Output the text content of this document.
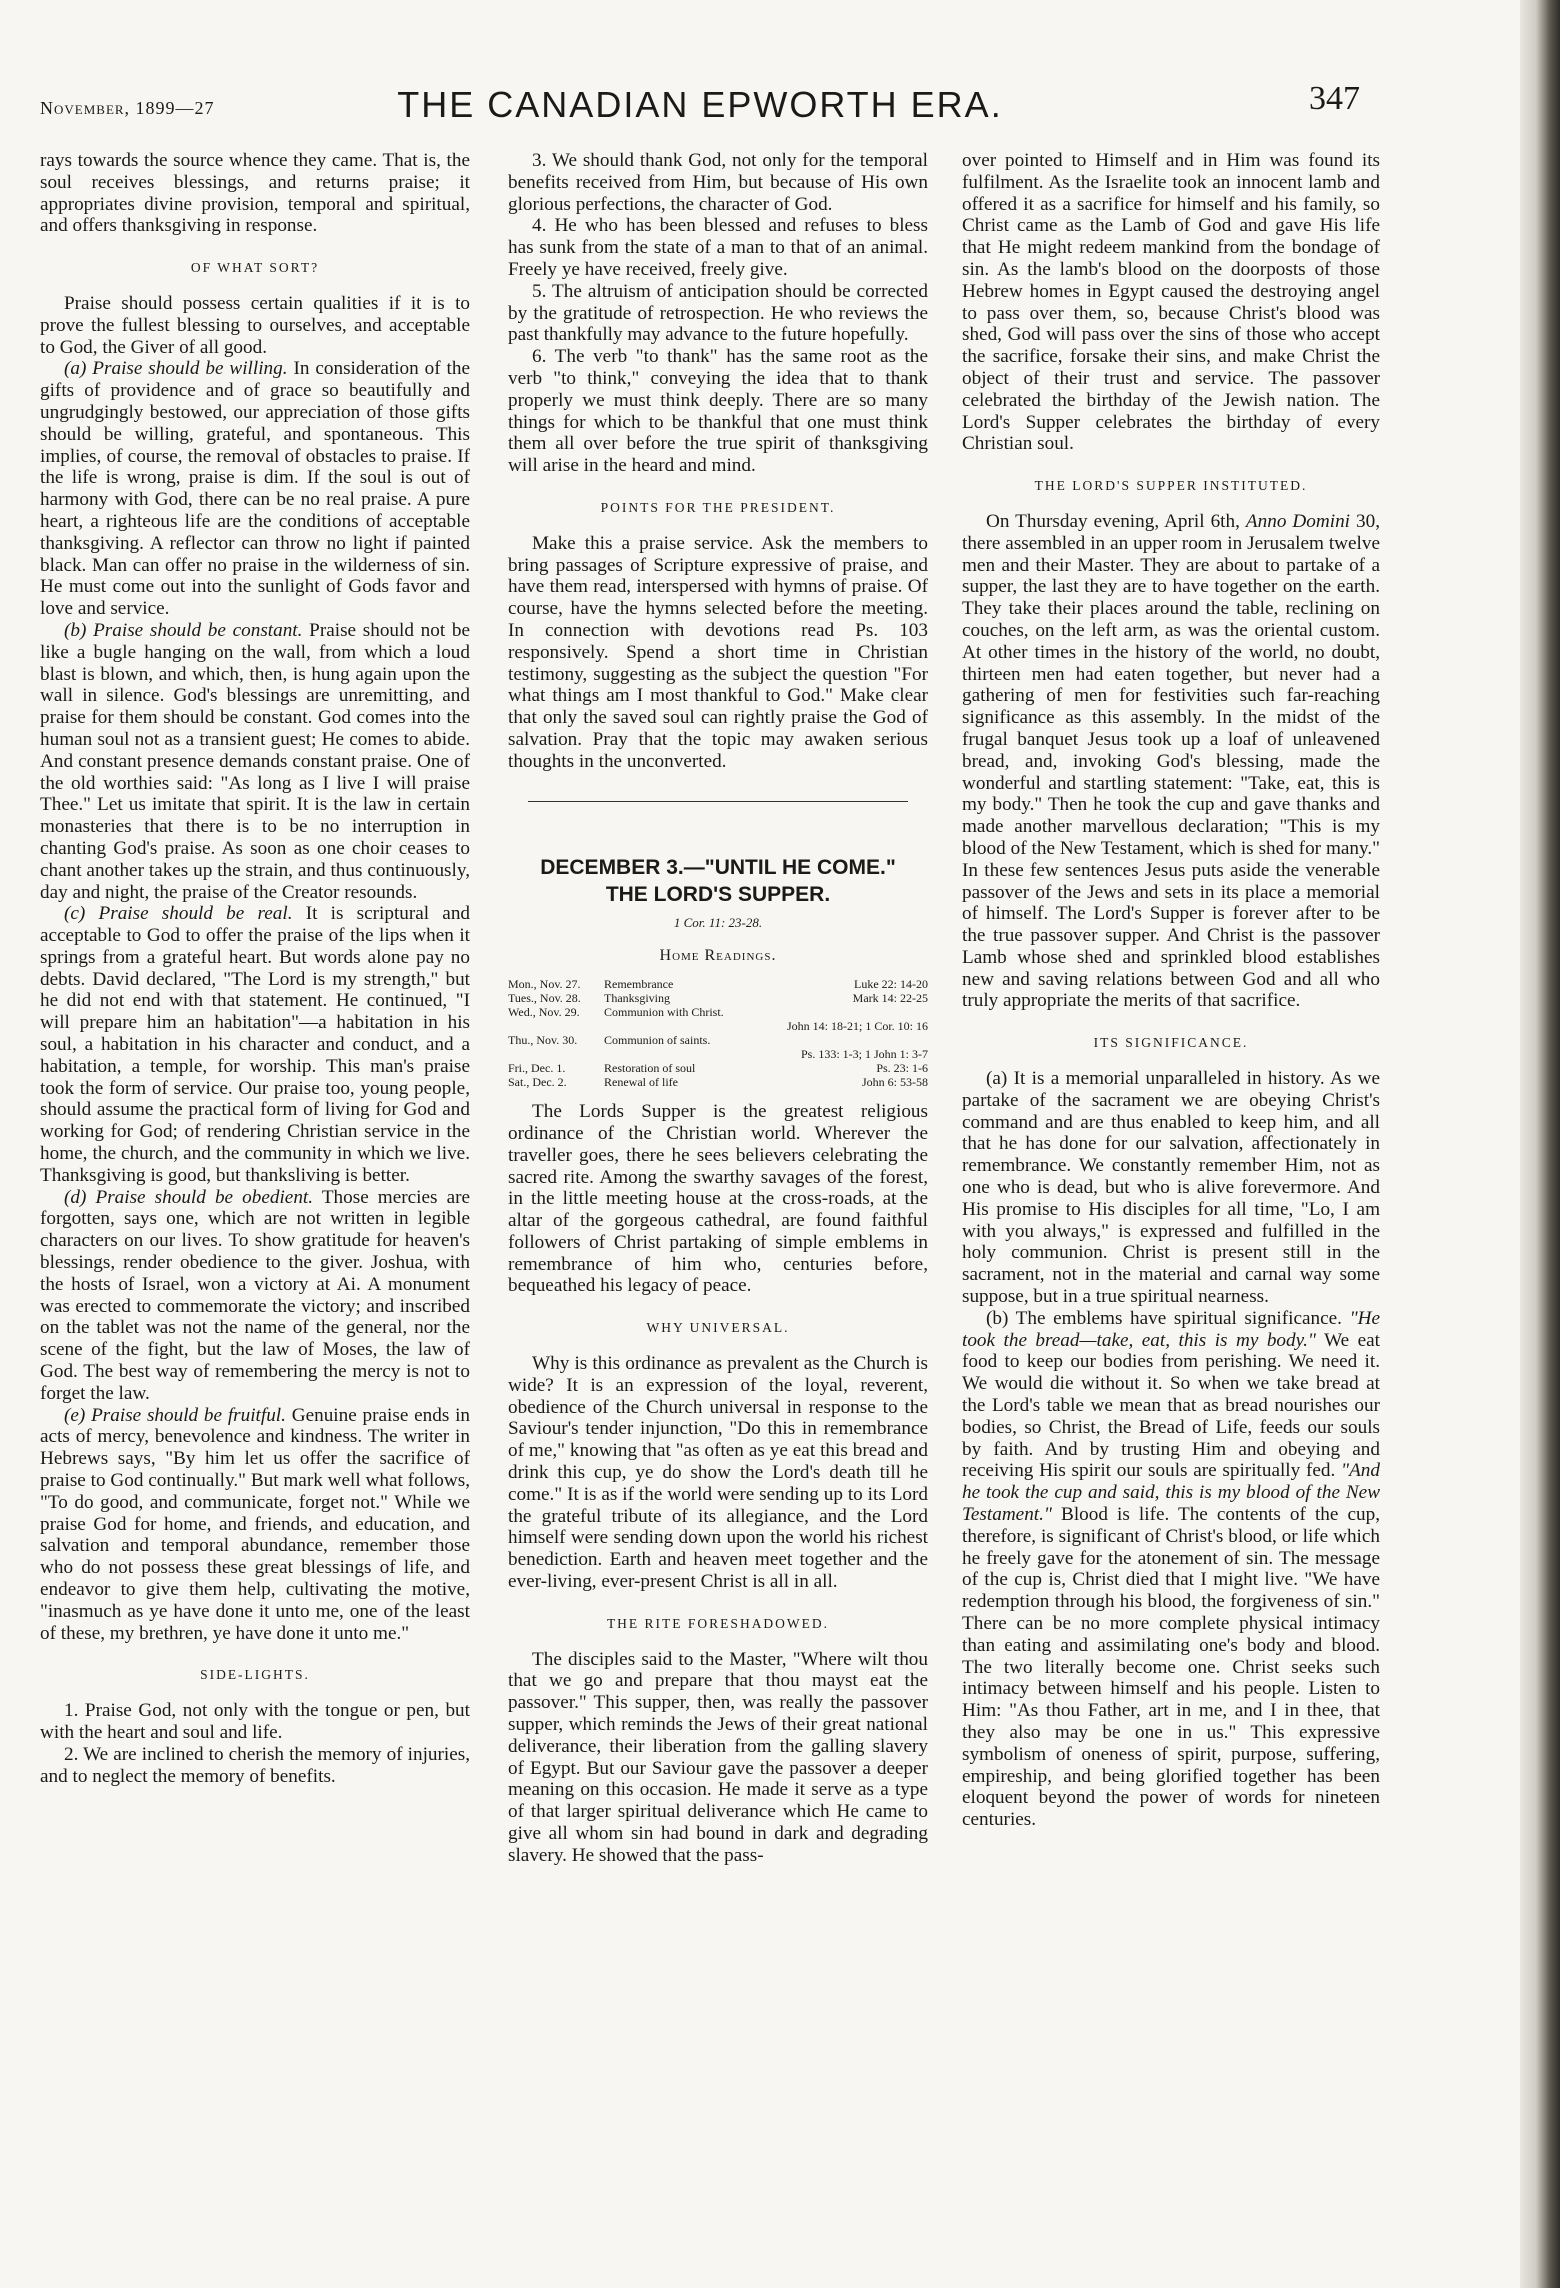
November, 1899—27	THE CANADIAN EPWORTH ERA.	347

rays towards the source whence they came. That is, the soul receives blessings, and returns praise; it appropriates divine provision, temporal and spiritual, and offers thanksgiving in response.

OF WHAT SORT?

Praise should possess certain qualities if it is to prove the fullest blessing to ourselves, and acceptable to God, the Giver of all good.

(a) Praise should be willing. In consideration of the gifts of providence and of grace so beautifully and ungrudgingly bestowed, our appreciation of those gifts should be willing, grateful, and spontaneous. This implies, of course, the removal of obstacles to praise. If the life is wrong, praise is dim. If the soul is out of harmony with God, there can be no real praise. A pure heart, a righteous life are the conditions of acceptable thanksgiving. A reflector can throw no light if painted black. Man can offer no praise in the wilderness of sin. He must come out into the sunlight of Gods favor and love and service.

(b) Praise should be constant. Praise should not be like a bugle hanging on the wall, from which a loud blast is blown, and which, then, is hung again upon the wall in silence. God's blessings are unremitting, and praise for them should be constant. God comes into the human soul not as a transient guest; He comes to abide. And constant presence demands constant praise. One of the old worthies said: "As long as I live I will praise Thee." Let us imitate that spirit. It is the law in certain monasteries that there is to be no interruption in chanting God's praise. As soon as one choir ceases to chant another takes up the strain, and thus continuously, day and night, the praise of the Creator resounds.

(c) Praise should be real. It is scriptural and acceptable to God to offer the praise of the lips when it springs from a grateful heart. But words alone pay no debts. David declared, "The Lord is my strength," but he did not end with that statement. He continued, "I will prepare him an habitation"—a habitation in his soul, a habitation in his character and conduct, and a habitation, a temple, for worship. This man's praise took the form of service. Our praise too, young people, should assume the practical form of living for God and working for God; of rendering Christian service in the home, the church, and the community in which we live. Thanksgiving is good, but thanksliving is better.

(d) Praise should be obedient. Those mercies are forgotten, says one, which are not written in legible characters on our lives. To show gratitude for heaven's blessings, render obedience to the giver. Joshua, with the hosts of Israel, won a victory at Ai. A monument was erected to commemorate the victory; and inscribed on the tablet was not the name of the general, nor the scene of the fight, but the law of Moses, the law of God. The best way of remembering the mercy is not to forget the law.

(e) Praise should be fruitful. Genuine praise ends in acts of mercy, benevolence and kindness. The writer in Hebrews says, "By him let us offer the sacrifice of praise to God continually." But mark well what follows, "To do good, and communicate, forget not." While we praise God for home, and friends, and education, and salvation and temporal abundance, remember those who do not possess these great blessings of life, and endeavor to give them help, cultivating the motive, "inasmuch as ye have done it unto me, one of the least of these, my brethren, ye have done it unto me."

SIDE-LIGHTS.

1. Praise God, not only with the tongue or pen, but with the heart and soul and life.

2. We are inclined to cherish the memory of injuries, and to neglect the memory of benefits.

3. We should thank God, not only for the temporal benefits received from Him, but because of His own glorious perfections, the character of God.

4. He who has been blessed and refuses to bless has sunk from the state of a man to that of an animal. Freely ye have received, freely give.

5. The altruism of anticipation should be corrected by the gratitude of retrospection. He who reviews the past thankfully may advance to the future hopefully.

6. The verb "to thank" has the same root as the verb "to think," conveying the idea that to thank properly we must think deeply. There are so many things for which to be thankful that one must think them all over before the true spirit of thanksgiving will arise in the heard and mind.

POINTS FOR THE PRESIDENT.

Make this a praise service. Ask the members to bring passages of Scripture expressive of praise, and have them read, interspersed with hymns of praise. Of course, have the hymns selected before the meeting. In connection with devotions read Ps. 103 responsively. Spend a short time in Christian testimony, suggesting as the subject the question "For what things am I most thankful to God." Make clear that only the saved soul can rightly praise the God of salvation. Pray that the topic may awaken serious thoughts in the unconverted.

DECEMBER 3.—"UNTIL HE COME."
THE LORD'S SUPPER.
1 Cor. 11: 23-28.
Home Readings.
Mon., Nov. 27.	Remembrance	Luke 22: 14-20
Tues., Nov. 28.	Thanksgiving	Mark 14: 22-25
Wed., Nov. 29.	Communion with Christ.	
		John 14: 18-21; 1 Cor. 10: 16
Thu., Nov. 30.	Communion of saints.	
		Ps. 133: 1-3; 1 John 1: 3-7
Fri., Dec. 1.	Restoration of soul	Ps. 23: 1-6
Sat., Dec. 2.	Renewal of life	John 6: 53-58

The Lords Supper is the greatest religious ordinance of the Christian world. Wherever the traveller goes, there he sees believers celebrating the sacred rite. Among the swarthy savages of the forest, in the little meeting house at the cross-roads, at the altar of the gorgeous cathedral, are found faithful followers of Christ partaking of simple emblems in remembrance of him who, centuries before, bequeathed his legacy of peace.

WHY UNIVERSAL.

Why is this ordinance as prevalent as the Church is wide? It is an expression of the loyal, reverent, obedience of the Church universal in response to the Saviour's tender injunction, "Do this in remembrance of me," knowing that "as often as ye eat this bread and drink this cup, ye do show the Lord's death till he come." It is as if the world were sending up to its Lord the grateful tribute of its allegiance, and the Lord himself were sending down upon the world his richest benediction. Earth and heaven meet together and the ever-living, ever-present Christ is all in all.

THE RITE FORESHADOWED.

The disciples said to the Master, "Where wilt thou that we go and prepare that thou mayst eat the passover." This supper, then, was really the passover supper, which reminds the Jews of their great national deliverance, their liberation from the galling slavery of Egypt. But our Saviour gave the passover a deeper meaning on this occasion. He made it serve as a type of that larger spiritual deliverance which He came to give all whom sin had bound in dark and degrading slavery. He showed that the pass-

over pointed to Himself and in Him was found its fulfilment. As the Israelite took an innocent lamb and offered it as a sacrifice for himself and his family, so Christ came as the Lamb of God and gave His life that He might redeem mankind from the bondage of sin. As the lamb's blood on the doorposts of those Hebrew homes in Egypt caused the destroying angel to pass over them, so, because Christ's blood was shed, God will pass over the sins of those who accept the sacrifice, forsake their sins, and make Christ the object of their trust and service. The passover celebrated the birthday of the Jewish nation. The Lord's Supper celebrates the birthday of every Christian soul.

THE LORD'S SUPPER INSTITUTED.

On Thursday evening, April 6th, Anno Domini 30, there assembled in an upper room in Jerusalem twelve men and their Master. They are about to partake of a supper, the last they are to have together on the earth. They take their places around the table, reclining on couches, on the left arm, as was the oriental custom. At other times in the history of the world, no doubt, thirteen men had eaten together, but never had a gathering of men for festivities such far-reaching significance as this assembly. In the midst of the frugal banquet Jesus took up a loaf of unleavened bread, and, invoking God's blessing, made the wonderful and startling statement: "Take, eat, this is my body." Then he took the cup and gave thanks and made another marvellous declaration; "This is my blood of the New Testament, which is shed for many." In these few sentences Jesus puts aside the venerable passover of the Jews and sets in its place a memorial of himself. The Lord's Supper is forever after to be the true passover supper. And Christ is the passover Lamb whose shed and sprinkled blood establishes new and saving relations between God and all who truly appropriate the merits of that sacrifice.

ITS SIGNIFICANCE.

(a) It is a memorial unparalleled in history. As we partake of the sacrament we are obeying Christ's command and are thus enabled to keep him, and all that he has done for our salvation, affectionately in remembrance. We constantly remember Him, not as one who is dead, but who is alive forevermore. And His promise to His disciples for all time, "Lo, I am with you always," is expressed and fulfilled in the holy communion. Christ is present still in the sacrament, not in the material and carnal way some suppose, but in a true spiritual nearness.

(b) The emblems have spiritual significance. "He took the bread—take, eat, this is my body." We eat food to keep our bodies from perishing. We need it. We would die without it. So when we take bread at the Lord's table we mean that as bread nourishes our bodies, so Christ, the Bread of Life, feeds our souls by faith. And by trusting Him and obeying and receiving His spirit our souls are spiritually fed. "And he took the cup and said, this is my blood of the New Testament." Blood is life. The contents of the cup, therefore, is significant of Christ's blood, or life which he freely gave for the atonement of sin. The message of the cup is, Christ died that I might live. "We have redemption through his blood, the forgiveness of sin." There can be no more complete physical intimacy than eating and assimilating one's body and blood. The two literally become one. Christ seeks such intimacy between himself and his people. Listen to Him: "As thou Father, art in me, and I in thee, that they also may be one in us." This expressive symbolism of oneness of spirit, purpose, suffering, empireship, and being glorified together has been eloquent beyond the power of words for nineteen centuries.
